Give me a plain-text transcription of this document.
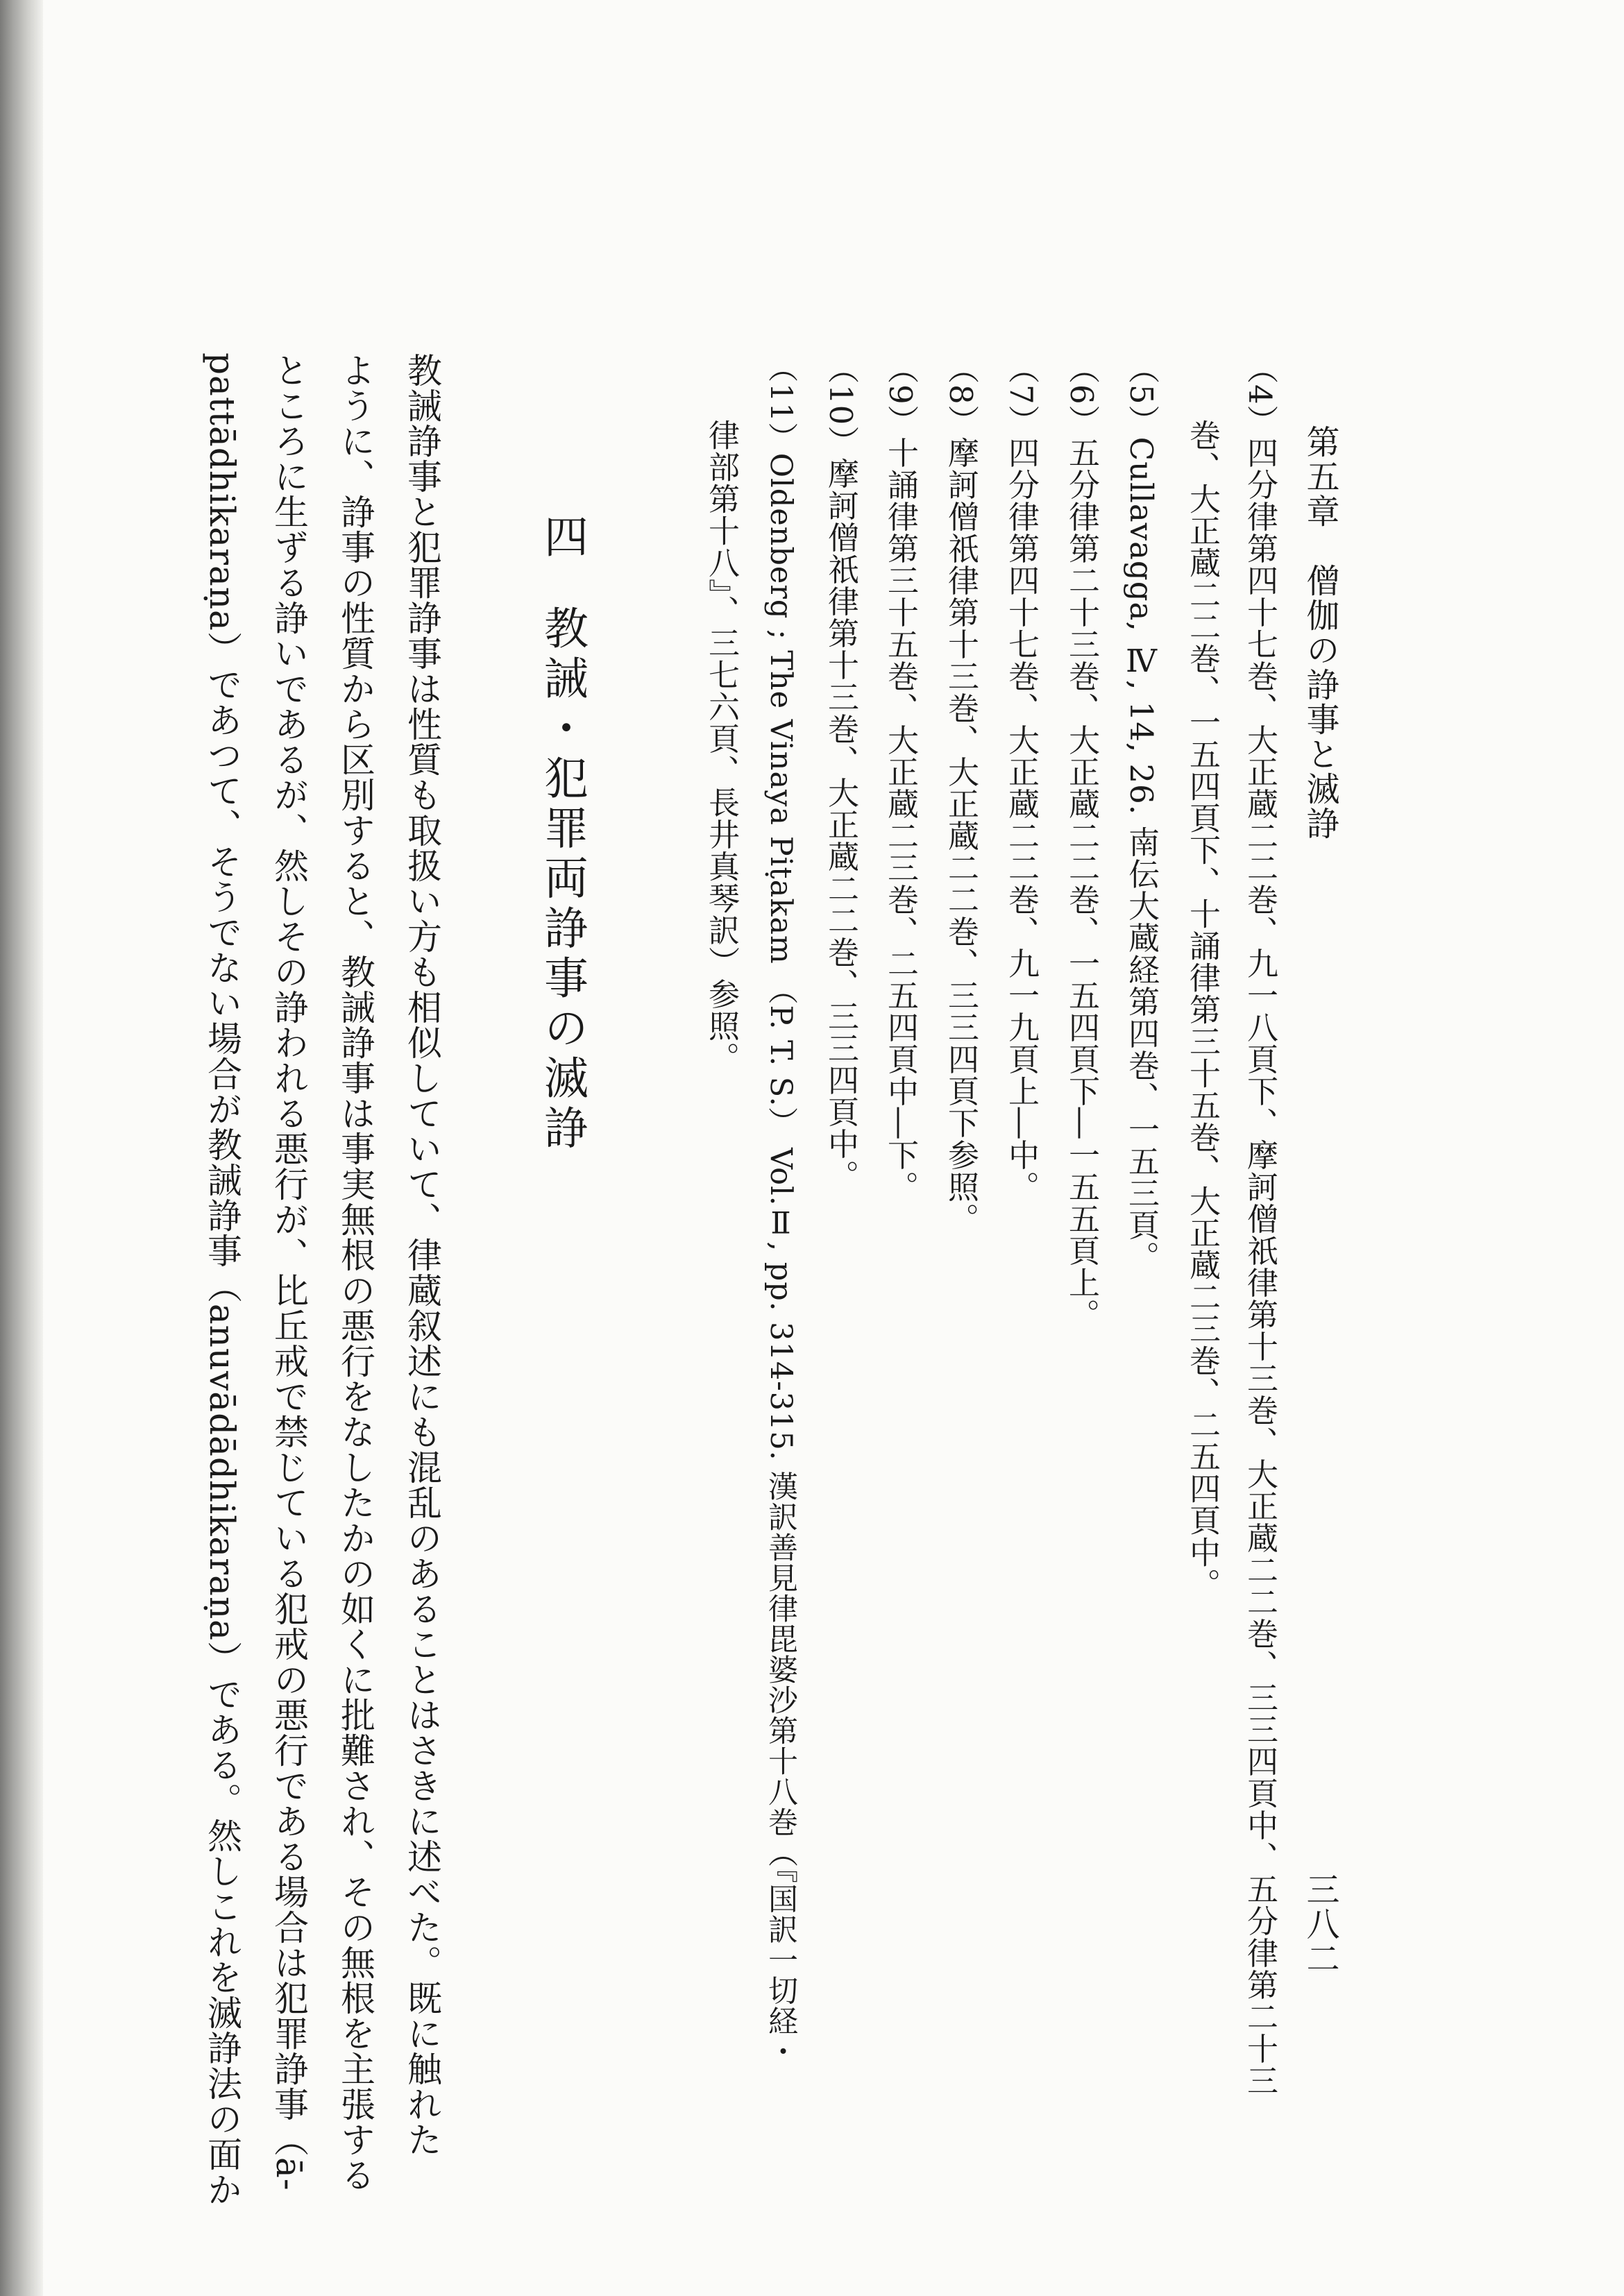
第五章　僧伽の諍事と滅諍
三八二
（4）四分律第四十七巻、大正蔵二二巻、九一八頁下、摩訶僧祇律第十三巻、大正蔵二二巻、三三四頁中、五分律第二十三
巻、大正蔵二二巻、一五四頁下、十誦律第三十五巻、大正蔵二三巻、二五四頁中。
（5）Cullavagga, Ⅳ, 14, 26. 南伝大蔵経第四巻、一五三頁。
（6）五分律第二十三巻、大正蔵二二巻、一五四頁下―一五五頁上。
（7）四分律第四十七巻、大正蔵二二巻、九一九頁上―中。
（8）摩訶僧祇律第十三巻、大正蔵二二巻、三三四頁下参照。
（9）十誦律第三十五巻、大正蔵二三巻、二五四頁中―下。
（10）摩訶僧祇律第十三巻、大正蔵二二巻、三三四頁中。
（11）Oldenberg ; The Vinaya Piṭakam （P. T. S.） Vol.Ⅱ, pp. 314-315. 漢訳善見律毘婆沙第十八巻（『国訳一切経・
律部第十八』、三七六頁、長井真琴訳）参照。
四教誡・犯罪両諍事の滅諍
教誡諍事と犯罪諍事は性質も取扱い方も相似していて、律蔵叙述にも混乱のあることはさきに述べた。既に触れた
ように、諍事の性質から区別すると、教誡諍事は事実無根の悪行をなしたかの如くに批難され、その無根を主張する
ところに生ずる諍いであるが、然しその諍われる悪行が、比丘戒で禁じている犯戒の悪行である場合は犯罪諍事（ā-
pattādhikaraṇa）であつて、そうでない場合が教誡諍事（anuvādādhikaraṇa）である。然しこれを滅諍法の面か
